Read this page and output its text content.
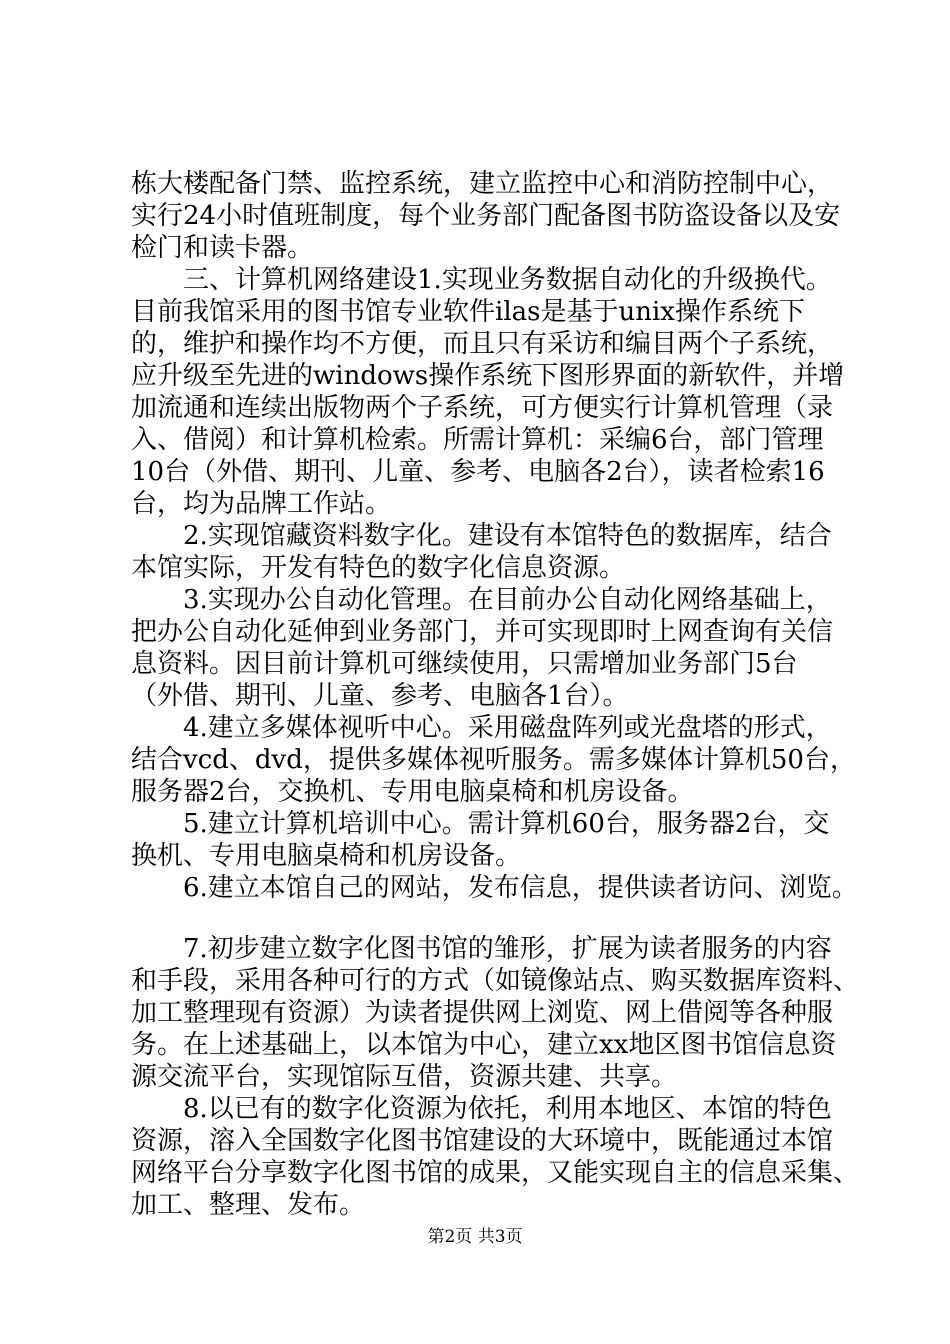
栋大楼配备门禁、监控系统，建立监控中心和消防控制中心，
实行24小时值班制度，每个业务部门配备图书防盗设备以及安
检门和读卡器。
三、计算机网络建设1.实现业务数据自动化的升级换代。
目前我馆采用的图书馆专业软件ilas是基于unix操作系统下
的，维护和操作均不方便，而且只有采访和编目两个子系统，
应升级至先进的windows操作系统下图形界面的新软件，并增
加流通和连续出版物两个子系统，可方便实行计算机管理（录
入、借阅）和计算机检索。所需计算机：采编6台，部门管理
10台（外借、期刊、儿童、参考、电脑各2台），读者检索16
台，均为品牌工作站。
2.实现馆藏资料数字化。建设有本馆特色的数据库，结合
本馆实际，开发有特色的数字化信息资源。
3.实现办公自动化管理。在目前办公自动化网络基础上，
把办公自动化延伸到业务部门，并可实现即时上网查询有关信
息资料。因目前计算机可继续使用，只需增加业务部门5台
（外借、期刊、儿童、参考、电脑各1台）。
4.建立多媒体视听中心。采用磁盘阵列或光盘塔的形式，
结合vcd、dvd，提供多媒体视听服务。需多媒体计算机50台，
服务器2台，交换机、专用电脑桌椅和机房设备。
5.建立计算机培训中心。需计算机60台，服务器2台，交
换机、专用电脑桌椅和机房设备。
6.建立本馆自己的网站，发布信息，提供读者访问、浏览。
7.初步建立数字化图书馆的雏形，扩展为读者服务的内容
和手段，采用各种可行的方式（如镜像站点、购买数据库资料、
加工整理现有资源）为读者提供网上浏览、网上借阅等各种服
务。在上述基础上，以本馆为中心，建立xx地区图书馆信息资
源交流平台，实现馆际互借，资源共建、共享。
8.以已有的数字化资源为依托，利用本地区、本馆的特色
资源，溶入全国数字化图书馆建设的大环境中，既能通过本馆
网络平台分享数字化图书馆的成果，又能实现自主的信息采集、
加工、整理、发布。
第2页 共3页
